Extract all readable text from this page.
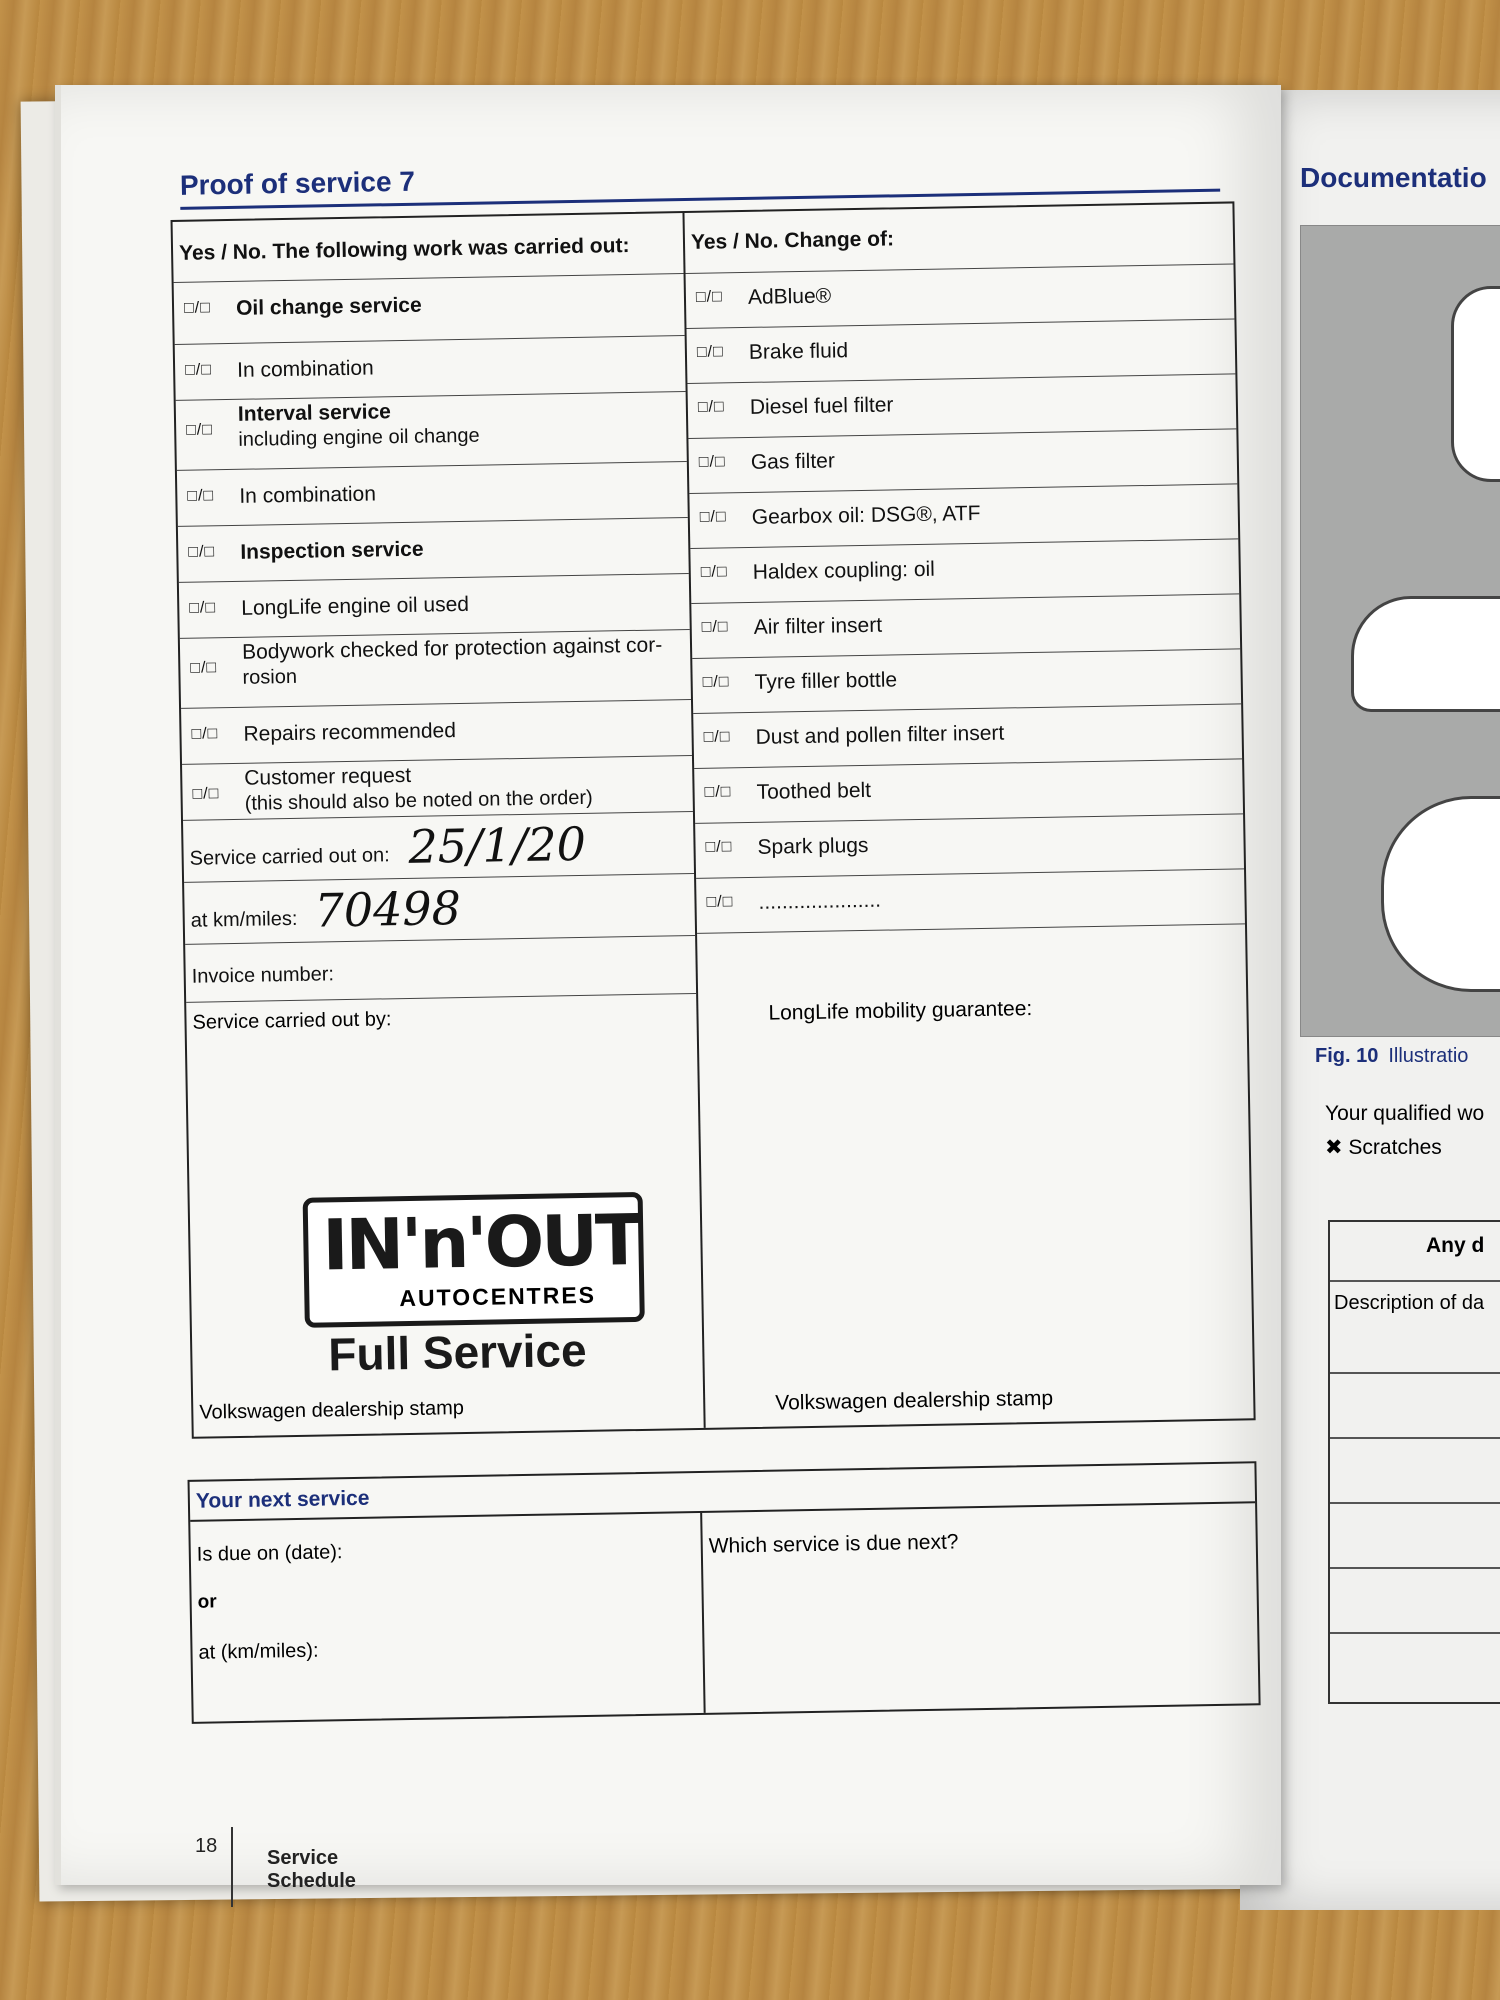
Documentatio
Fig. 10 Illustratio
Your qualified wo
✖ Scratches
Any d
Description of da
Proof of service 7
Yes / No. The following work was carried out:
□/□ Oil change service
□/□ In combination
□/□
Interval service
including engine oil change
□/□ In combination
□/□ Inspection service
□/□ LongLife engine oil used
□/□
Bodywork checked for protection against cor-
rosion
□/□ Repairs recommended
□/□
Customer request
(this should also be noted on the order)
Service carried out on: 25/1/20
at km/miles: 70498
Invoice number:
Service carried out by:
Volkswagen dealership stamp
Yes / No. Change of:
□/□ AdBlue®
□/□ Brake fluid
□/□ Diesel fuel filter
□/□ Gas filter
□/□ Gearbox oil: DSG®, ATF
□/□ Haldex coupling: oil
□/□ Air filter insert
□/□ Tyre filler bottle
□/□ Dust and pollen filter insert
□/□ Toothed belt
□/□ Spark plugs
□/□ .....................
LongLife mobility guarantee:
Volkswagen dealership stamp
IN'n'OUT
AUTOCENTRES
Full Service
Your next service
Is due on (date):
or
at (km/miles):
Which service is due next?
18
Service Schedule
